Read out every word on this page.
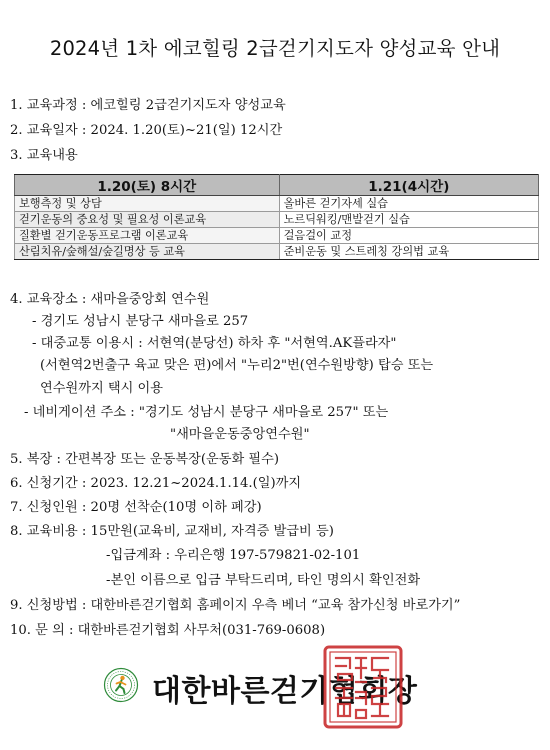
2024년 1차 에코힐링 2급걷기지도자 양성교육 안내
1. 교육과정 : 에코힐링 2급걷기지도자 양성교육
2. 교육일자 : 2024. 1.20(토)~21(일) 12시간
3. 교육내용
1.20(토) 8시간	1.21(4시간)
보행측정 및 상담	올바른 걷기자세 실습
걷기운동의 중요성 및 필요성 이론교육	노르딕워킹/맨발걷기 실습
질환별 걷기운동프로그램 이론교육	걸음걸이 교정
산림치유/숲해설/숲길명상 등 교육	준비운동 및 스트레칭 강의법 교육
4. 교육장소 : 새마을중앙회 연수원
- 경기도 성남시 분당구 새마을로 257
- 대중교통 이용시 : 서현역(분당선) 하차 후 "서현역.AK플라자"
(서현역2번출구 육교 맞은 편)에서 "누리2"번(연수원방향) 탑승 또는
연수원까지 택시 이용
- 네비게이션 주소 : "경기도 성남시 분당구 새마을로 257" 또는
"새마을운동중앙연수원"
5. 복장 : 간편복장 또는 운동복장(운동화 필수)
6. 신청기간 : 2023. 12.21~2024.1.14.(일)까지
7. 신청인원 : 20명 선착순(10명 이하 폐강)
8. 교육비용 : 15만원(교육비, 교재비, 자격증 발급비 등)
-입금계좌 : 우리은행 197-579821-02-101
-본인 이름으로 입금 부탁드리며, 타인 명의시 확인전화
9. 신청방법 : 대한바른걷기협회 홈페이지 우측 베너 “교육 참가신청 바로가기”
10. 문 의 : 대한바른걷기협회 사무처(031-769-0608)
대한바른걷기협회장
